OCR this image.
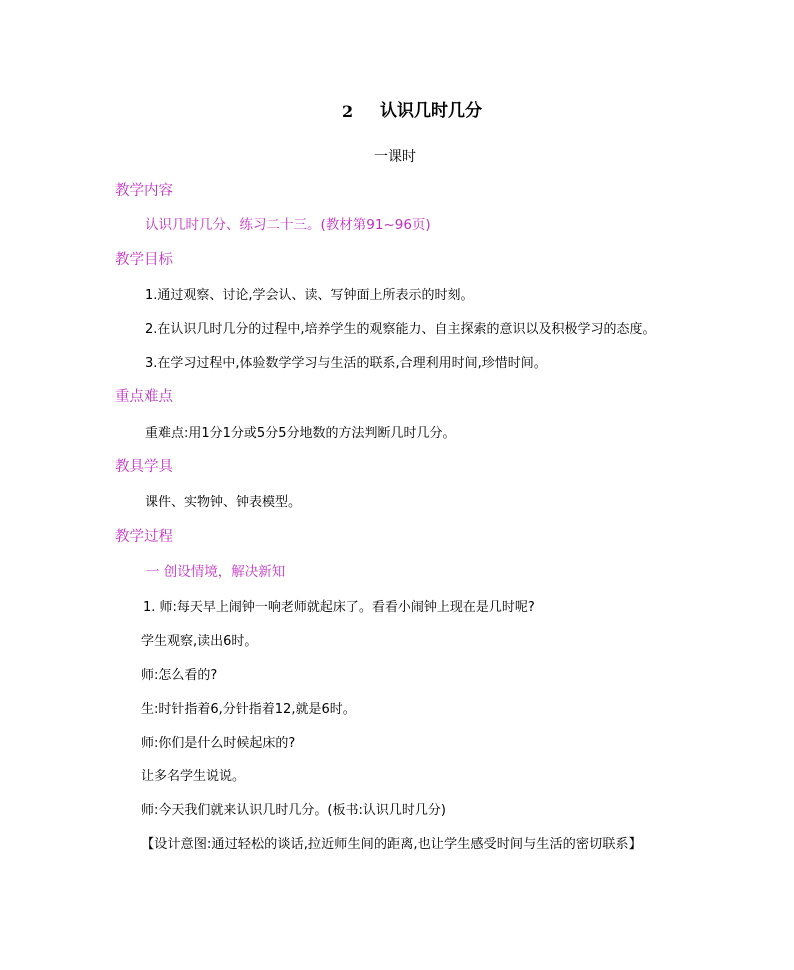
2 认识几时几分
一课时
教学内容
认识几时几分、练习二十三。(教材第91~96页)
教学目标
1.通过观察、讨论,学会认、读、写钟面上所表示的时刻。
2.在认识几时几分的过程中,培养学生的观察能力、自主探索的意识以及积极学习的态度。
3.在学习过程中,体验数学学习与生活的联系,合理利用时间,珍惜时间。
重点难点
重难点:用1分1分或5分5分地数的方法判断几时几分。
教具学具
课件、实物钟、钟表模型。
教学过程
一 创设情境，解决新知
1. 师:每天早上闹钟一响老师就起床了。看看小闹钟上现在是几时呢?
学生观察,读出6时。
师:怎么看的?
生:时针指着6,分针指着12,就是6时。
师:你们是什么时候起床的?
让多名学生说说。
师:今天我们就来认识几时几分。(板书:认识几时几分)
【设计意图:通过轻松的谈话,拉近师生间的距离,也让学生感受时间与生活的密切联系】
